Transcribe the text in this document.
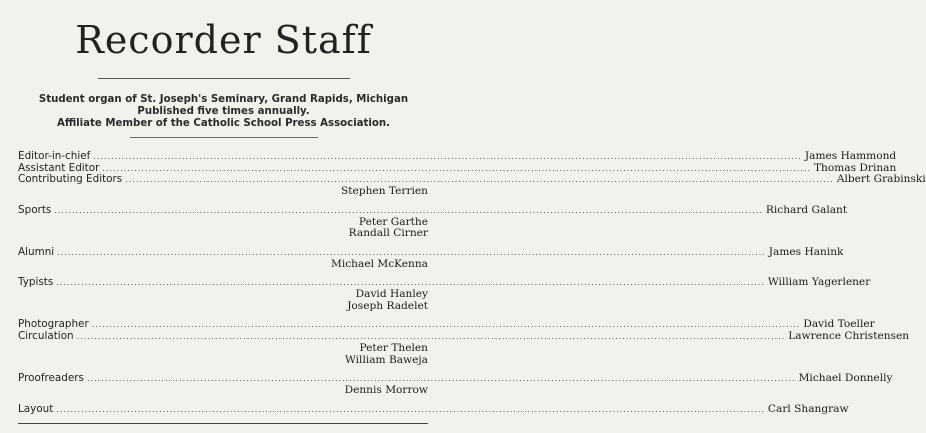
Recorder Staff
Student organ of St. Joseph's Seminary, Grand Rapids, Michigan
Published five times annually.
Affiliate Member of the Catholic School Press Association.
Editor-in-chief ........................................................................................................................................................................................................ James Hammond
Assistant Editor ........................................................................................................................................................................................................ Thomas Drinan
Contributing Editors ........................................................................................................................................................................................................ Albert Grabinski
Stephen Terrien
Sports ........................................................................................................................................................................................................ Richard Galant
Peter Garthe
Randall Cirner
Alumni ........................................................................................................................................................................................................ James Hanink
Michael McKenna
Typists ........................................................................................................................................................................................................ William Yagerlener
David Hanley
Joseph Radelet
Photographer ........................................................................................................................................................................................................ David Toeller
Circulation ........................................................................................................................................................................................................ Lawrence Christensen
Peter Thelen
William Baweja
Proofreaders ........................................................................................................................................................................................................ Michael Donnelly
Dennis Morrow
Layout ........................................................................................................................................................................................................ Carl Shangraw
